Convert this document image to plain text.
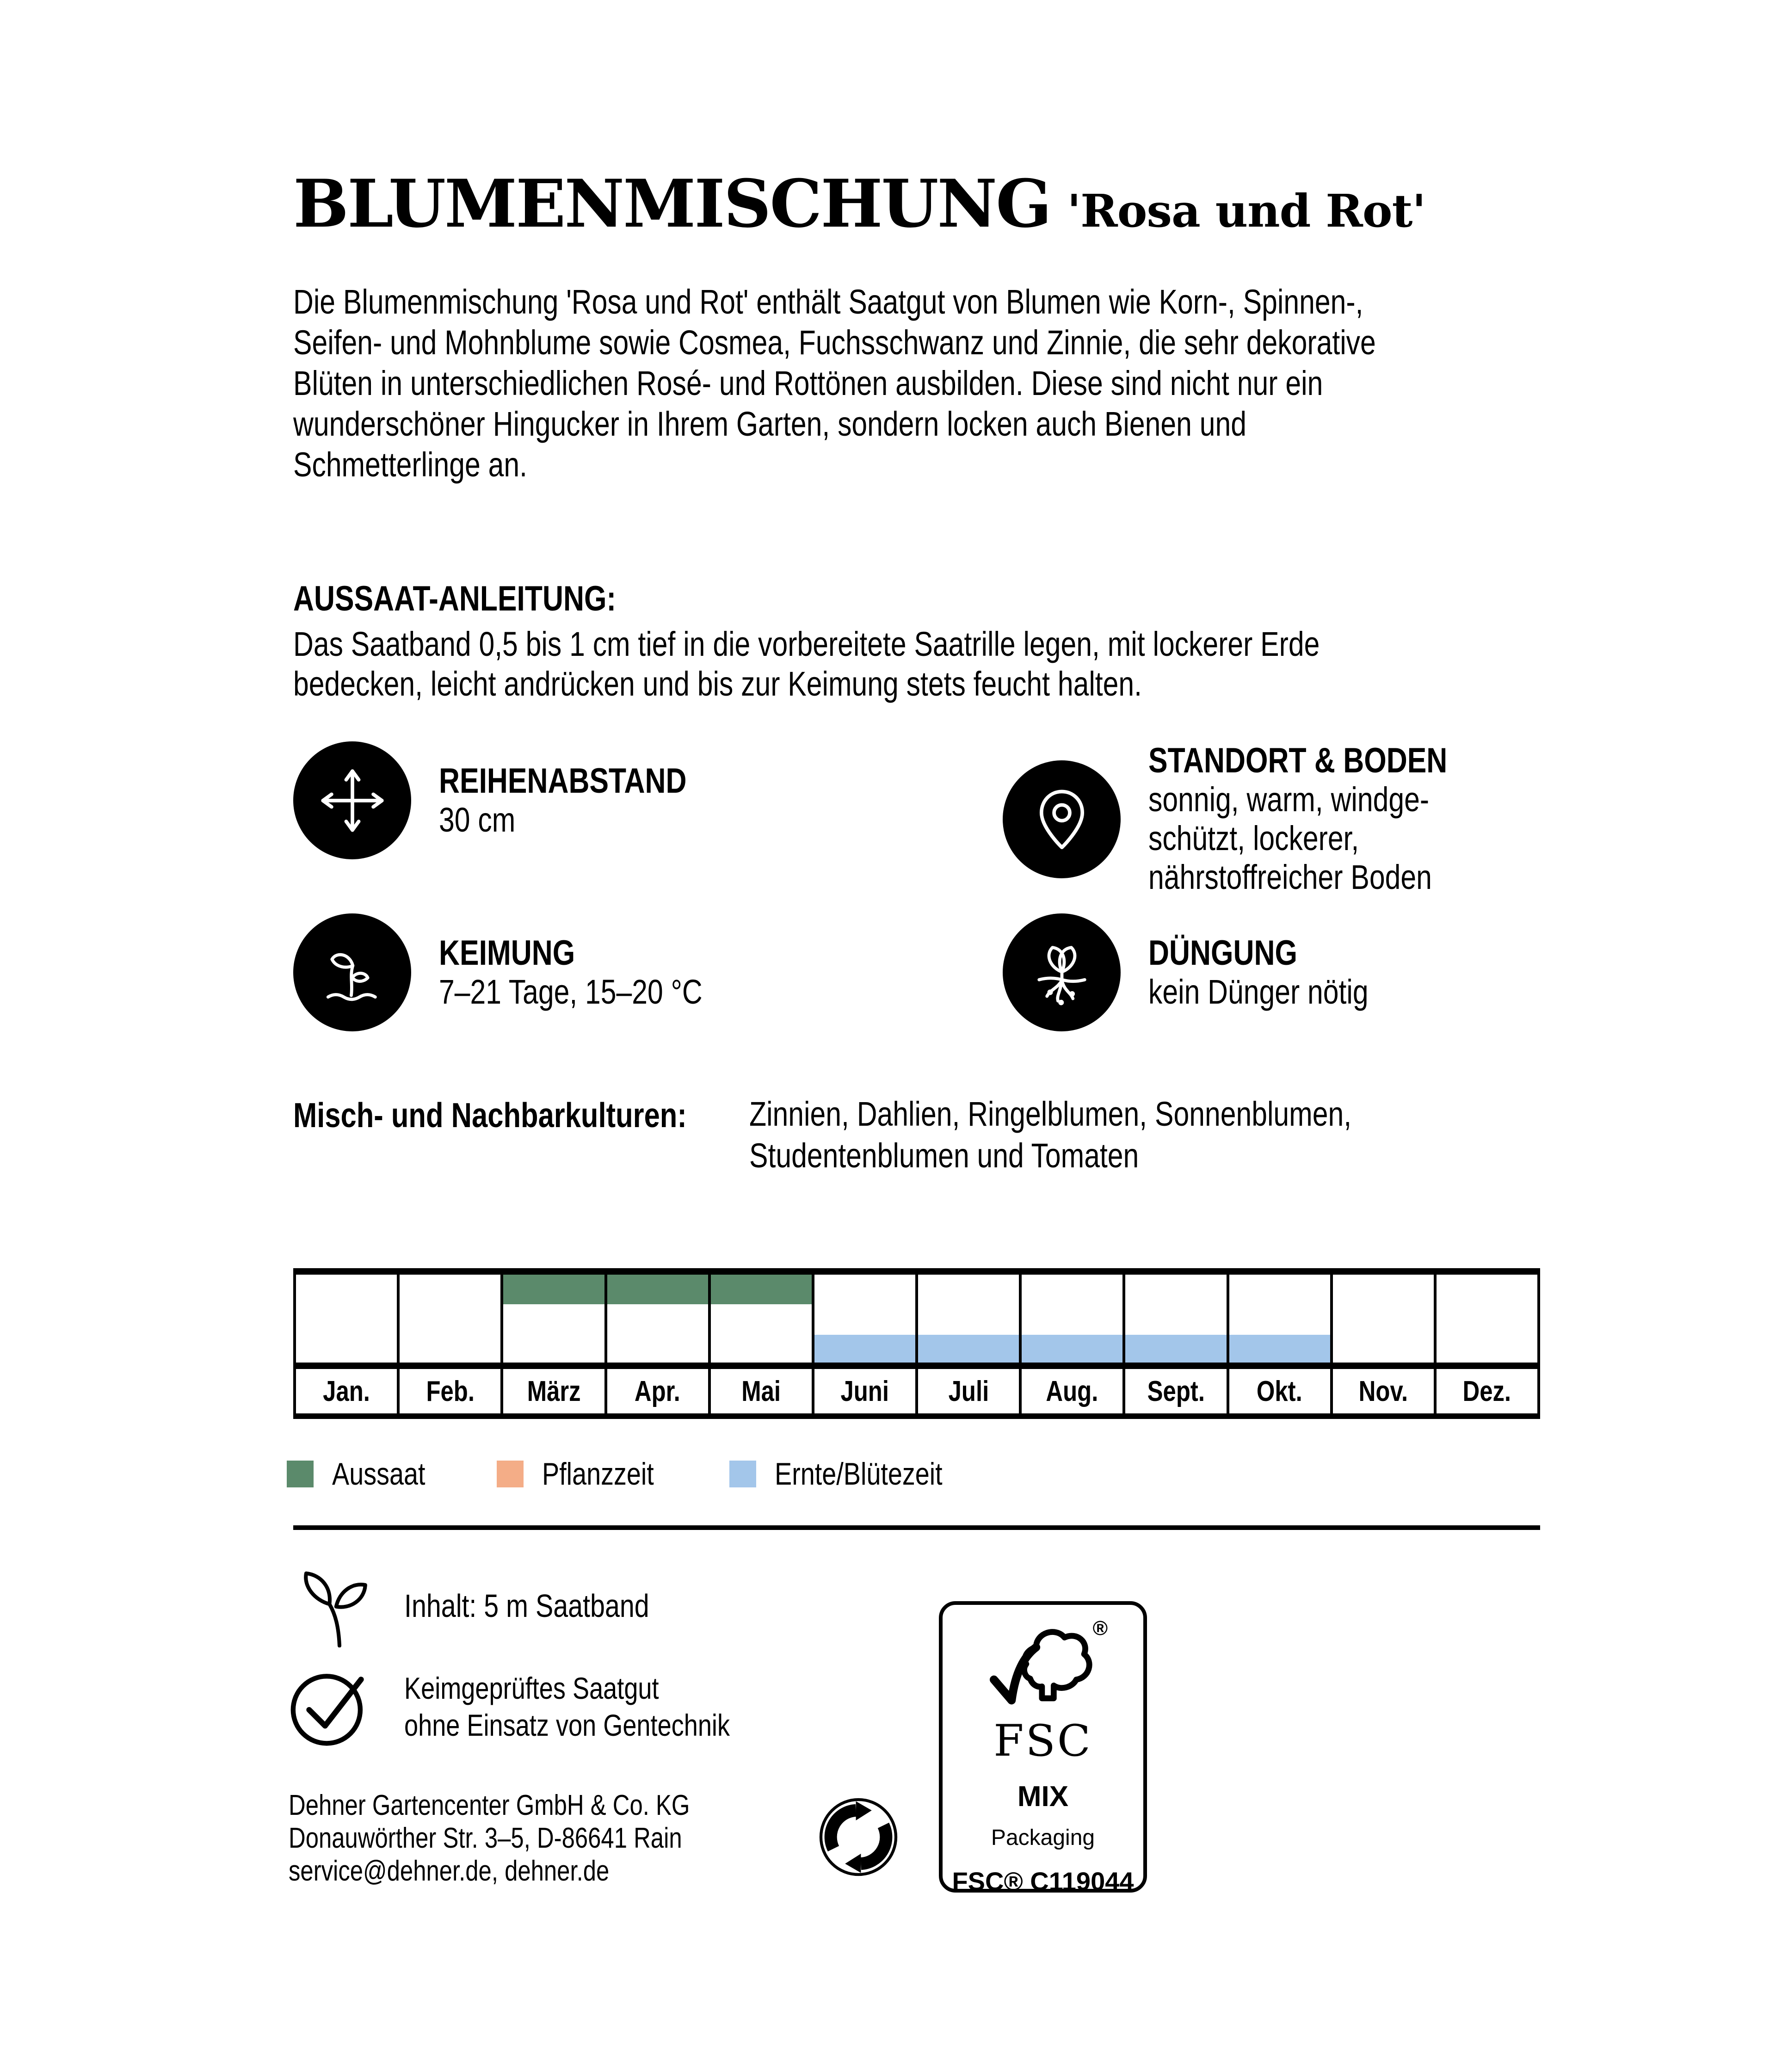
BLUMENMISCHUNG 'Rosa und Rot'
Die Blumenmischung 'Rosa und Rot' enthält Saatgut von Blumen wie Korn-, Spinnen-,
Seifen- und Mohnblume sowie Cosmea, Fuchsschwanz und Zinnie, die sehr dekorative
Blüten in unterschiedlichen Rosé- und Rottönen ausbilden. Diese sind nicht nur ein
wunderschöner Hingucker in Ihrem Garten, sondern locken auch Bienen und
Schmetterlinge an.
AUSSAAT-ANLEITUNG:
Das Saatband 0,5 bis 1 cm tief in die vorbereitete Saatrille legen, mit lockerer Erde
bedecken, leicht andrücken und bis zur Keimung stets feucht halten.
REIHENABSTAND
30 cm
STANDORT & BODEN
sonnig, warm, windge-
schützt, lockerer,
nährstoffreicher Boden
KEIMUNG
7–21 Tage, 15–20 °C
DÜNGUNG
kein Dünger nötig
Misch- und Nachbarkulturen:	Zinnien, Dahlien, Ringelblumen, Sonnenblumen,
Studentenblumen und Tomaten
Jan. Feb. März Apr. Mai Juni Juli Aug. Sept. Okt. Nov. Dez.
Aussaat	Pflanzzeit	Ernte/Blütezeit
Inhalt: 5 m Saatband
Keimgeprüftes Saatgut
ohne Einsatz von Gentechnik
Dehner Gartencenter GmbH & Co. KG
Donauwörther Str. 3–5, D-86641 Rain
service@dehner.de, dehner.de
®
FSC
MIX
Packaging
FSC® C119044
